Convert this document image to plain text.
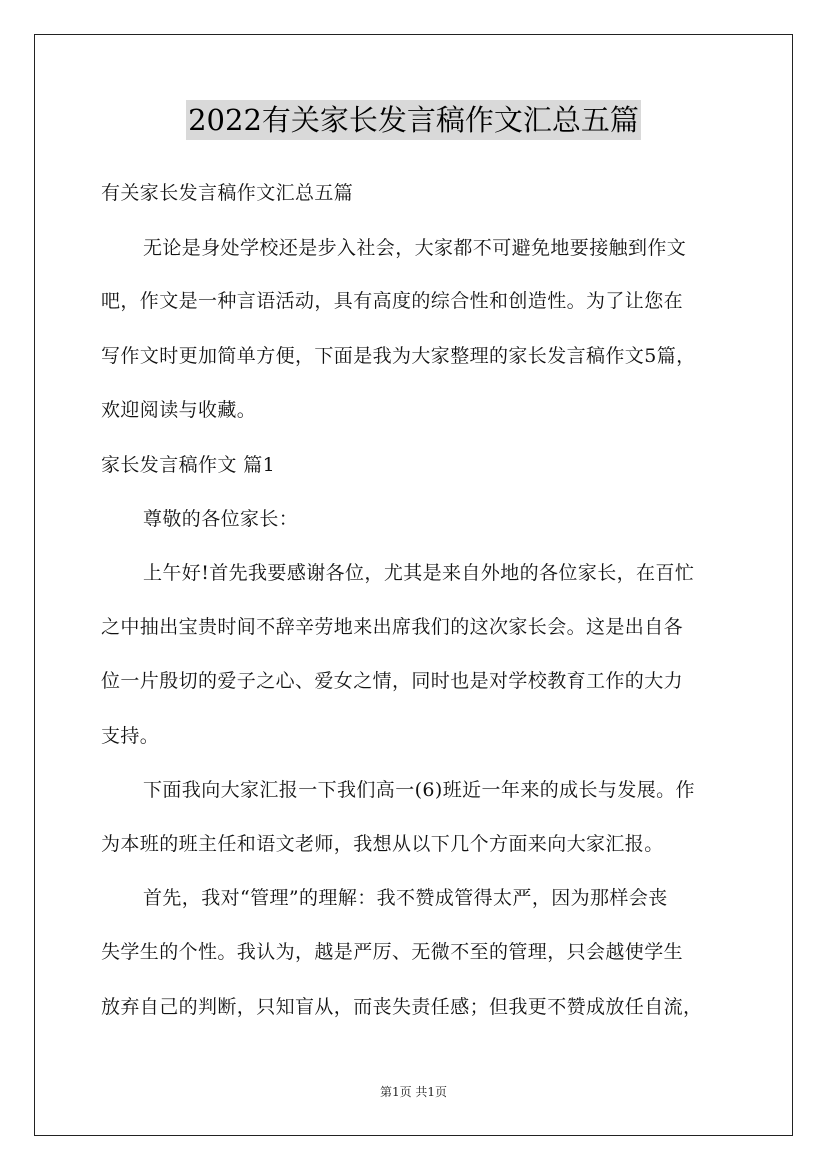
2022有关家长发言稿作文汇总五篇
有关家长发言稿作文汇总五篇
无论是身处学校还是步入社会，大家都不可避免地要接触到作文
吧，作文是一种言语活动，具有高度的综合性和创造性。为了让您在
写作文时更加简单方便，下面是我为大家整理的家长发言稿作文5篇，
欢迎阅读与收藏。
家长发言稿作文 篇1
尊敬的各位家长：
上午好!首先我要感谢各位，尤其是来自外地的各位家长，在百忙
之中抽出宝贵时间不辞辛劳地来出席我们的这次家长会。这是出自各
位一片殷切的爱子之心、爱女之情，同时也是对学校教育工作的大力
支持。
下面我向大家汇报一下我们高一(6)班近一年来的成长与发展。作
为本班的班主任和语文老师，我想从以下几个方面来向大家汇报。
首先，我对“管理”的理解：我不赞成管得太严，因为那样会丧
失学生的个性。我认为，越是严厉、无微不至的管理，只会越使学生
放弃自己的判断，只知盲从，而丧失责任感；但我更不赞成放任自流，
第1页 共1页
